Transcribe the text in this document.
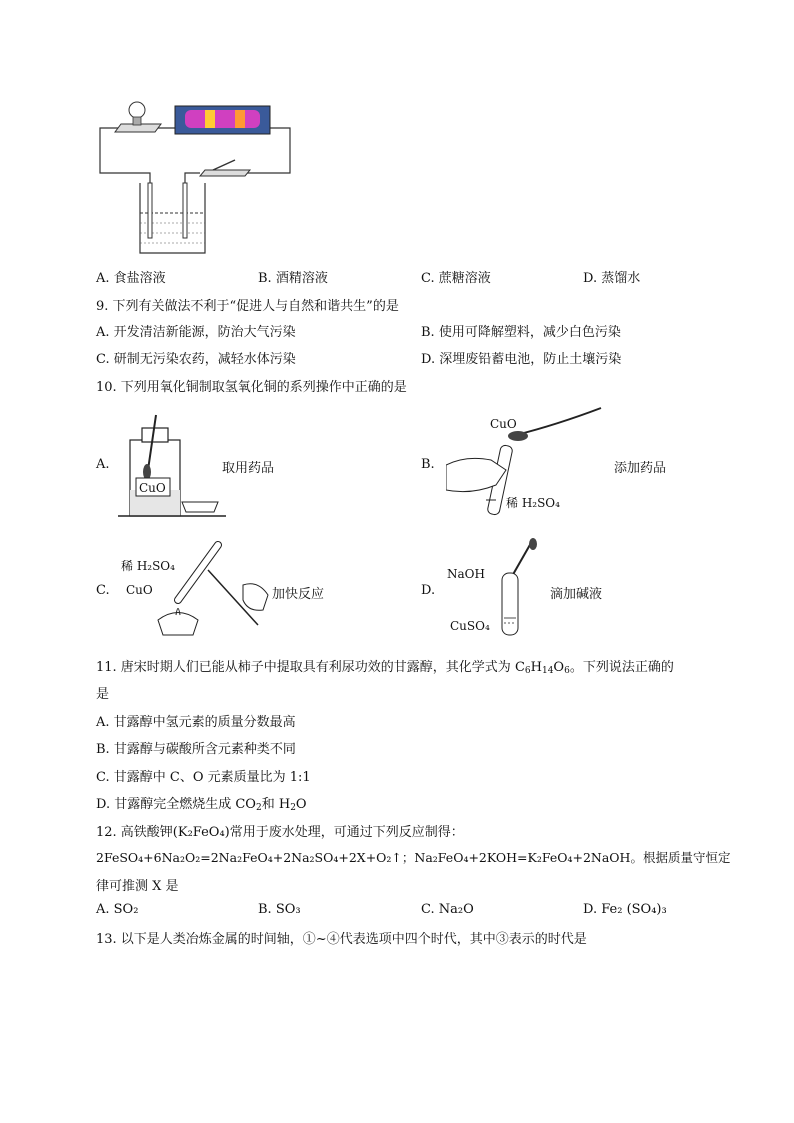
A. 食盐溶液	B. 酒精溶液	C. 蔗糖溶液	D. 蒸馏水
9. 下列有关做法不利于“促进人与自然和谐共生”的是
A. 开发清洁新能源，防治大气污染	B. 使用可降解塑料，减少白色污染
C. 研制无污染农药，减轻水体污染	D. 深埋废铅蓄电池，防止土壤污染
10. 下列用氧化铜制取氢氧化铜的系列操作中正确的是
A.
CuO
取用药品	B.
CuO
稀 H₂SO₄
添加药品
C.
稀 H₂SO₄
CuO	加快反应	D.
NaOH
CuSO₄
滴加碱液
11. 唐宋时期人们已能从柿子中提取具有利尿功效的甘露醇，其化学式为 $C_6H_{14}O_6$。下列说法正确的
是
A. 甘露醇中氢元素的质量分数最高
B. 甘露醇与碳酸所含元素种类不同
C. 甘露醇中 C、O 元素质量比为 1:1
D. 甘露醇完全燃烧生成 $CO_2$和 $H_2O$
12. 高铁酸钾(K₂FeO₄)常用于废水处理，可通过下列反应制得：
2FeSO₄+6Na₂O₂=2Na₂FeO₄+2Na₂SO₄+2X+O₂↑；Na₂FeO₄+2KOH=K₂FeO₄+2NaOH。根据质量守恒定
律可推测 X 是
A. SO₂	B. SO₃	C. Na₂O	D. Fe₂ (SO₄)₃
13. 以下是人类冶炼金属的时间轴，①~④代表选项中四个时代，其中③表示的时代是
